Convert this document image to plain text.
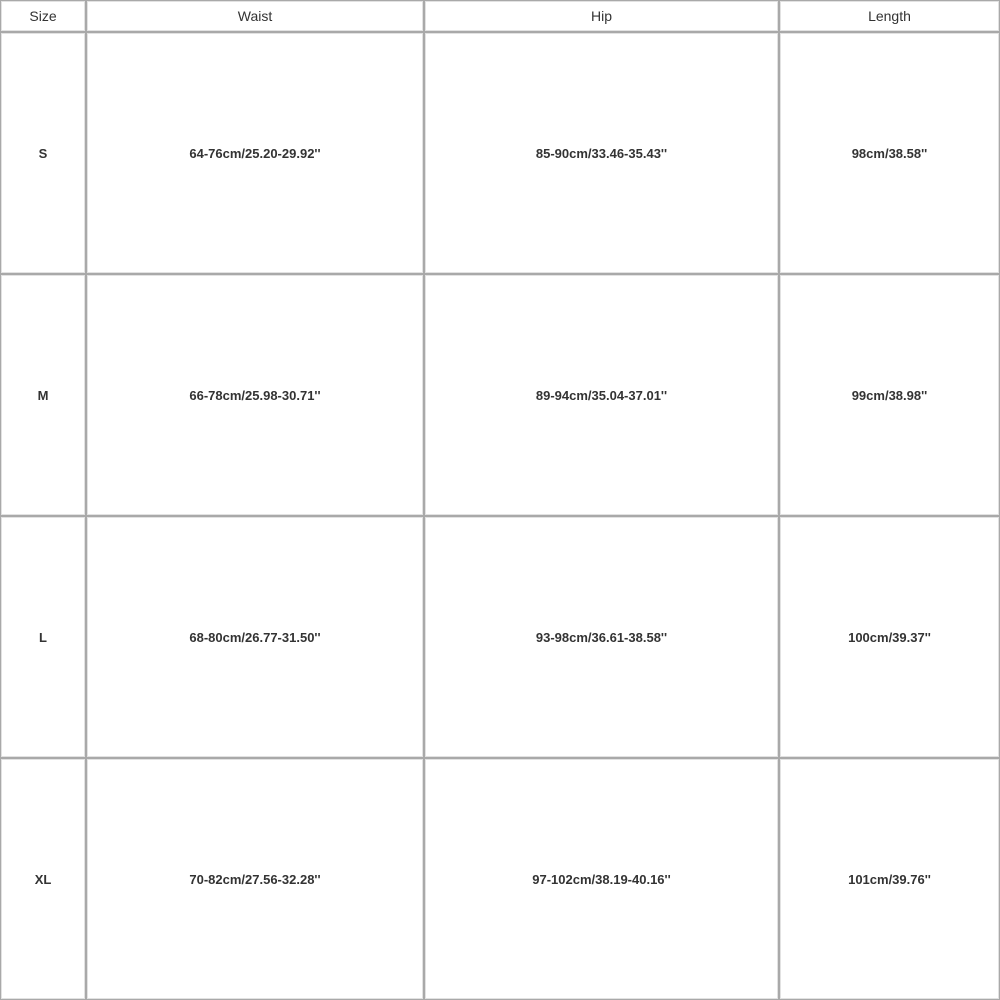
Size	Waist	Hip	Length
S	64-76cm/25.20-29.92''	85-90cm/33.46-35.43''	98cm/38.58''
M	66-78cm/25.98-30.71''	89-94cm/35.04-37.01''	99cm/38.98''
L	68-80cm/26.77-31.50''	93-98cm/36.61-38.58''	100cm/39.37''
XL	70-82cm/27.56-32.28''	97-102cm/38.19-40.16''	101cm/39.76''
